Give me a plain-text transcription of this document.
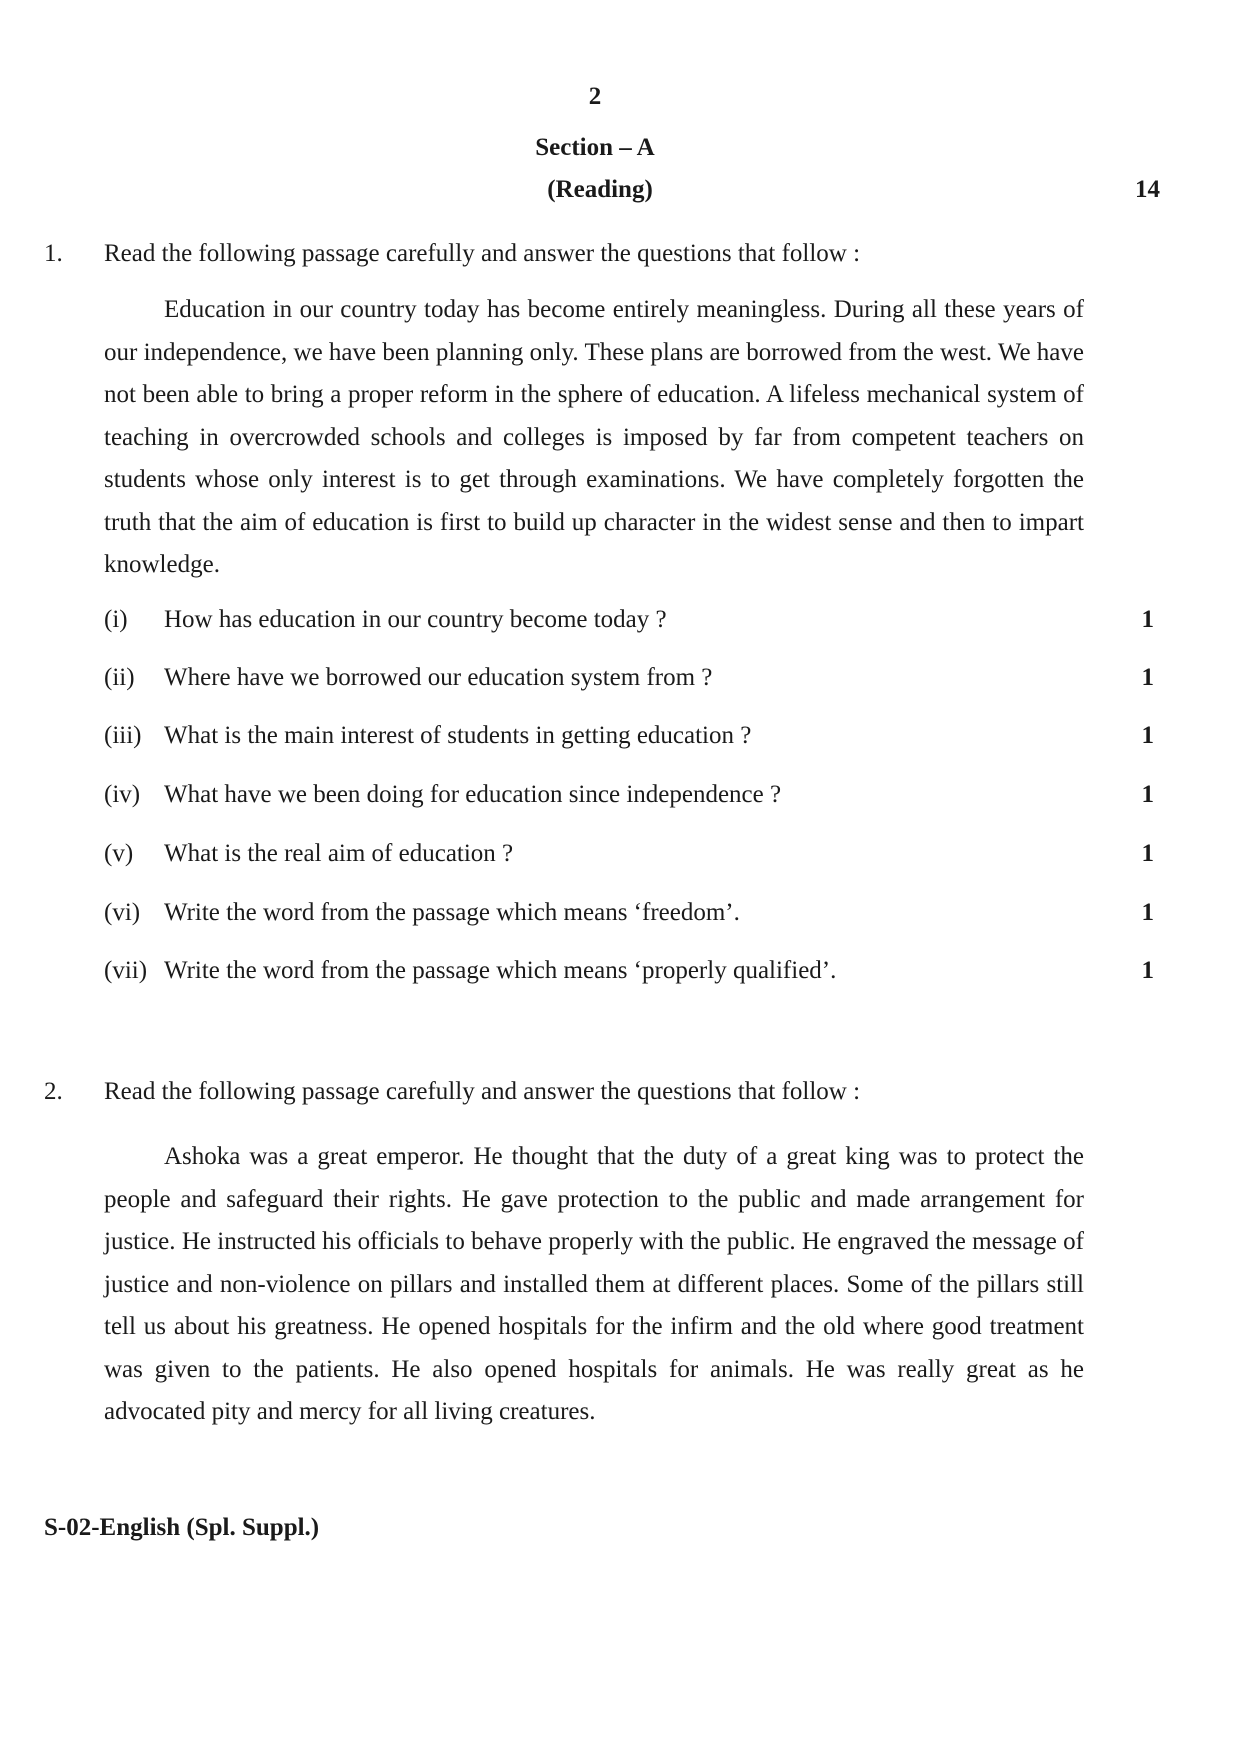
2
Section – A
(Reading)	14
1. Read the following passage carefully and answer the questions that follow :

Education in our country today has become entirely meaningless. During all these years of our independence, we have been planning only. These plans are borrowed from the west. We have not been able to bring a proper reform in the sphere of education. A lifeless mechanical system of teaching in overcrowded schools and colleges is imposed by far from competent teachers on students whose only interest is to get through examinations. We have completely forgotten the truth that the aim of education is first to build up character in the widest sense and then to impart knowledge.

(i) How has education in our country become today ?	1
(ii) Where have we borrowed our education system from ?	1
(iii) What is the main interest of students in getting education ?	1
(iv) What have we been doing for education since independence ?	1
(v) What is the real aim of education ?	1
(vi) Write the word from the passage which means ‘freedom’.	1
(vii) Write the word from the passage which means ‘properly qualified’.	1
2. Read the following passage carefully and answer the questions that follow :

Ashoka was a great emperor. He thought that the duty of a great king was to protect the people and safeguard their rights. He gave protection to the public and made arrangement for justice. He instructed his officials to behave properly with the public. He engraved the message of justice and non-violence on pillars and installed them at different places. Some of the pillars still tell us about his greatness. He opened hospitals for the infirm and the old where good treatment was given to the patients. He also opened hospitals for animals. He was really great as he advocated pity and mercy for all living creatures.

S-02-English (Spl. Suppl.)
